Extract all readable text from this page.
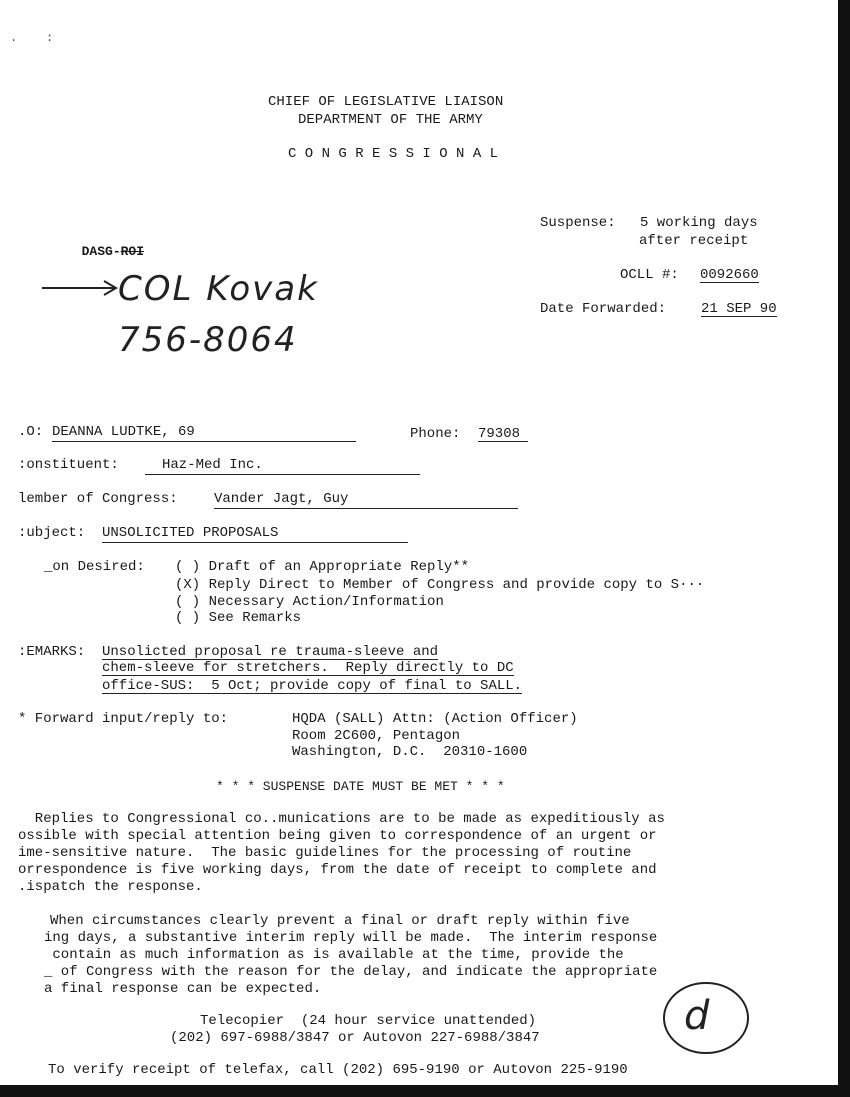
.    :
CHIEF OF LEGISLATIVE LIAISON
DEPARTMENT OF THE ARMY
C O N G R E S S I O N A L

DASG-ROI

Suspense: 5 working days
after receipt
OCLL #: 0092660
Date Forwarded: 21 SEP 90
COL Kovak
756-8064
.O: DEANNA LUDTKE, 69	Phone: 79308
:onstituent:	Haz-Med Inc.
lember of Congress:	Vander Jagt, Guy
:ubject: UNSOLICITED PROPOSALS
_on Desired: ( ) Draft of an Appropriate Reply**
(X) Reply Direct to Member of Congress and provide copy to S···
( ) Necessary Action/Information
( ) See Remarks
:EMARKS: Unsolicted proposal re trauma-sleeve and
chem-sleeve for stretchers.  Reply directly to DC
office-SUS:  5 Oct; provide copy of final to SALL.
* Forward input/reply to:	HQDA (SALL) Attn: (Action Officer)
Room 2C600, Pentagon
Washington, D.C.  20310-1600
* * * SUSPENSE DATE MUST BE MET * * *
Replies to Congressional co..munications are to be made as expeditiously as
ossible with special attention being given to correspondence of an urgent or
ime-sensitive nature.  The basic guidelines for the processing of routine
orrespondence is five working days, from the date of receipt to complete and
.ispatch the response.
When circumstances clearly prevent a final or draft reply within five
ing days, a substantive interim reply will be made.  The interim response
contain as much information as is available at the time, provide the
_ of Congress with the reason for the delay, and indicate the appropriate
a final response can be expected.
Telecopier  (24 hour service unattended)
(202) 697-6988/3847 or Autovon 227-6988/3847
To verify receipt of telefax, call (202) 695-9190 or Autovon 225-9190
d
